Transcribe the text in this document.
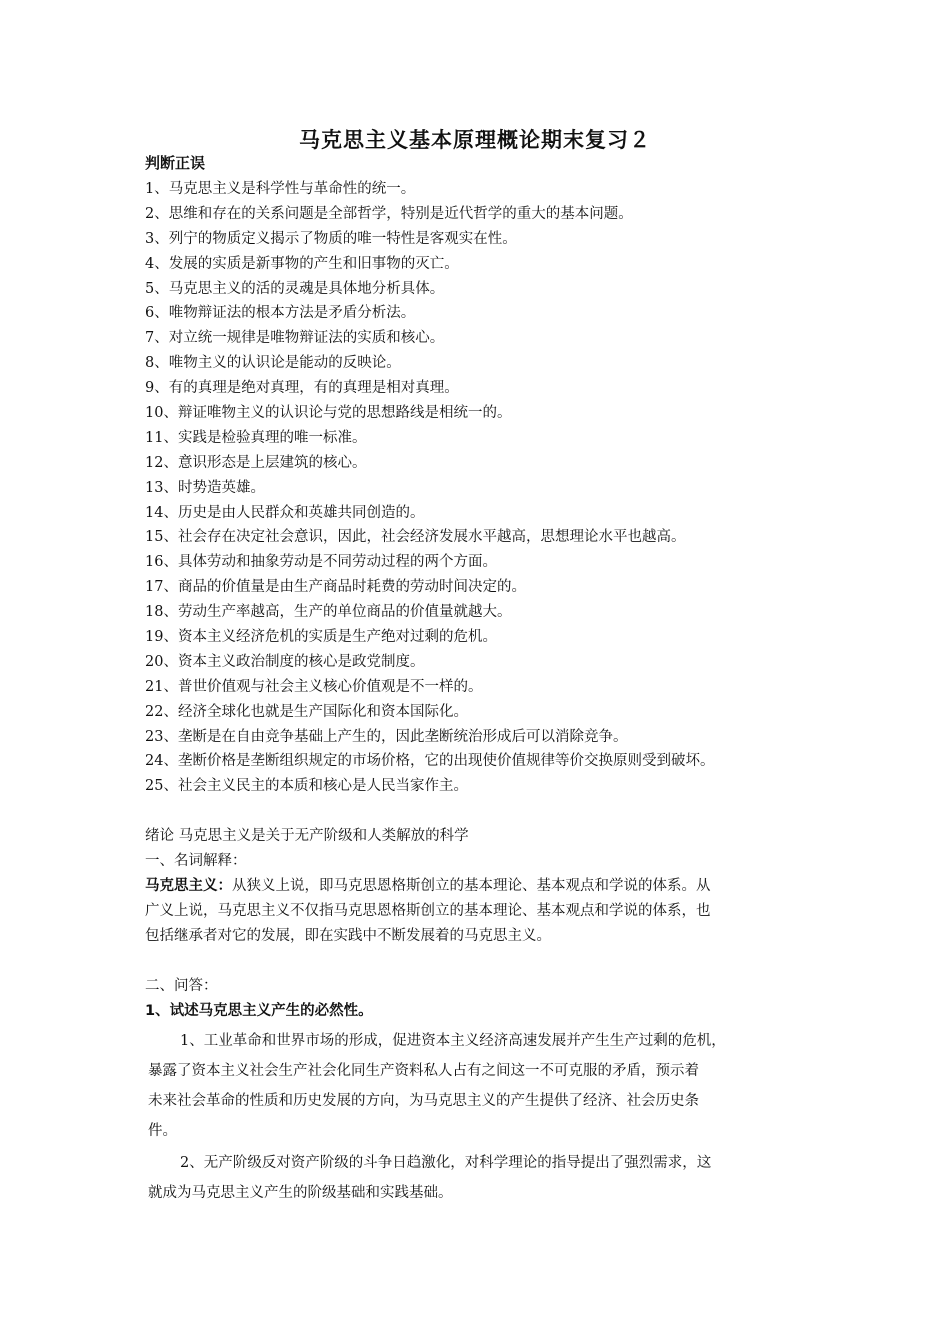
马克思主义基本原理概论期末复习２
判断正误
1、马克思主义是科学性与革命性的统一。
2、思维和存在的关系问题是全部哲学，特别是近代哲学的重大的基本问题。
3、列宁的物质定义揭示了物质的唯一特性是客观实在性。
4、发展的实质是新事物的产生和旧事物的灭亡。
5、马克思主义的活的灵魂是具体地分析具体。
6、唯物辩证法的根本方法是矛盾分析法。
7、对立统一规律是唯物辩证法的实质和核心。
8、唯物主义的认识论是能动的反映论。
9、有的真理是绝对真理，有的真理是相对真理。
10、辩证唯物主义的认识论与党的思想路线是相统一的。
11、实践是检验真理的唯一标准。
12、意识形态是上层建筑的核心。
13、时势造英雄。
14、历史是由人民群众和英雄共同创造的。
15、社会存在决定社会意识，因此，社会经济发展水平越高，思想理论水平也越高。
16、具体劳动和抽象劳动是不同劳动过程的两个方面。
17、商品的价值量是由生产商品时耗费的劳动时间决定的。
18、劳动生产率越高，生产的单位商品的价值量就越大。
19、资本主义经济危机的实质是生产绝对过剩的危机。
20、资本主义政治制度的核心是政党制度。
21、普世价值观与社会主义核心价值观是不一样的。
22、经济全球化也就是生产国际化和资本国际化。
23、垄断是在自由竞争基础上产生的，因此垄断统治形成后可以消除竞争。
24、垄断价格是垄断组织规定的市场价格，它的出现使价值规律等价交换原则受到破坏。
25、社会主义民主的本质和核心是人民当家作主。
绪论 马克思主义是关于无产阶级和人类解放的科学
一、名词解释：
马克思主义：从狭义上说，即马克思恩格斯创立的基本理论、基本观点和学说的体系。从
广义上说，马克思主义不仅指马克思恩格斯创立的基本理论、基本观点和学说的体系，也
包括继承者对它的发展，即在实践中不断发展着的马克思主义。
二、问答：
1、试述马克思主义产生的必然性。
1、工业革命和世界市场的形成，促进资本主义经济高速发展并产生生产过剩的危机，
暴露了资本主义社会生产社会化同生产资料私人占有之间这一不可克服的矛盾，预示着
未来社会革命的性质和历史发展的方向，为马克思主义的产生提供了经济、社会历史条
件。
2、无产阶级反对资产阶级的斗争日趋激化，对科学理论的指导提出了强烈需求，这
就成为马克思主义产生的阶级基础和实践基础。
